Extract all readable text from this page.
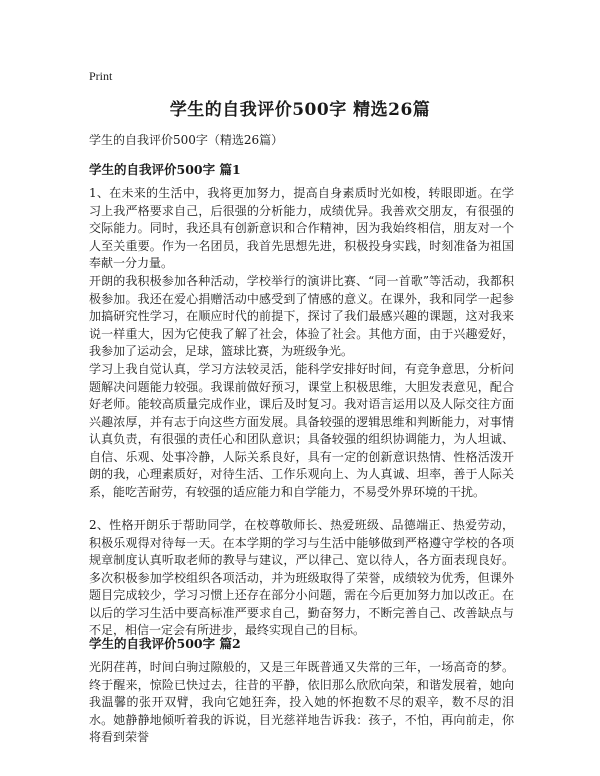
Print
学生的自我评价500字 精选26篇
学生的自我评价500字（精选26篇）
学生的自我评价500字 篇1
1、在未来的生活中，我将更加努力，提高自身素质时光如梭，转眼即逝。在学习上我严格要求自己，后很强的分析能力，成绩优异。我善欢交朋友，有很强的交际能力。同时，我还具有创新意识和合作精神，因为我始终相信，朋友对一个人至关重要。作为一名团员，我首先思想先进，积极投身实践，时刻准备为祖国奉献一分力量。
开朗的我积极参加各种活动，学校举行的演讲比赛、“同一首歌”等活动，我都积极参加。我还在爱心捐赠活动中感受到了情感的意义。在课外，我和同学一起参加搞研究性学习，在顺应时代的前提下，探讨了我们最感兴趣的课题，这对我来说一样重大，因为它使我了解了社会，体验了社会。其他方面，由于兴趣爱好，我参加了运动会，足球，篮球比赛，为班级争光。
学习上我自觉认真，学习方法较灵活，能科学安排好时间，有竞争意思，分析问题解决问题能力较强。我课前做好预习，课堂上积极思维，大胆发表意见，配合好老师。能较高质量完成作业，课后及时复习。我对语言运用以及人际交往方面兴趣浓厚，并有志于向这些方面发展。具备较强的逻辑思维和判断能力，对事情认真负责，有很强的责任心和团队意识；具备较强的组织协调能力，为人坦诚、自信、乐观、处事冷静，人际关系良好，具有一定的创新意识热情、性格活泼开朗的我，心理素质好，对待生活、工作乐观向上、为人真诚、坦率，善于人际关系，能吃苦耐劳，有较强的适应能力和自学能力，不易受外界环境的干扰。
2、性格开朗乐于帮助同学，在校尊敬师长、热爱班级、品德端正、热爱劳动，积极乐观得对待每一天。在本学期的学习与生活中能够做到严格遵守学校的各项规章制度认真听取老师的教导与建议，严以律己、宽以待人，各方面表现良好。多次积极参加学校组织各项活动，并为班级取得了荣誉，成绩较为优秀，但课外题目完成较少，学习习惯上还存在部分小问题，需在今后更加努力加以改正。在以后的学习生活中要高标准严要求自己，勤奋努力，不断完善自己、改善缺点与不足，相信一定会有所进步，最终实现自己的目标。
学生的自我评价500字 篇2
光阴荏苒，时间白驹过隙般的，又是三年既普通又失常的三年，一场高奇的梦。终于醒来，惊险已快过去，往昔的平静，依旧那么欣欣向荣，和谐发展着，她向我温馨的张开双臂，我向它她狂奔，投入她的怀抱数不尽的艰辛，数不尽的泪水。她静静地倾听着我的诉说，目光慈祥地告诉我：孩子，不怕，再向前走，你将看到荣誉
